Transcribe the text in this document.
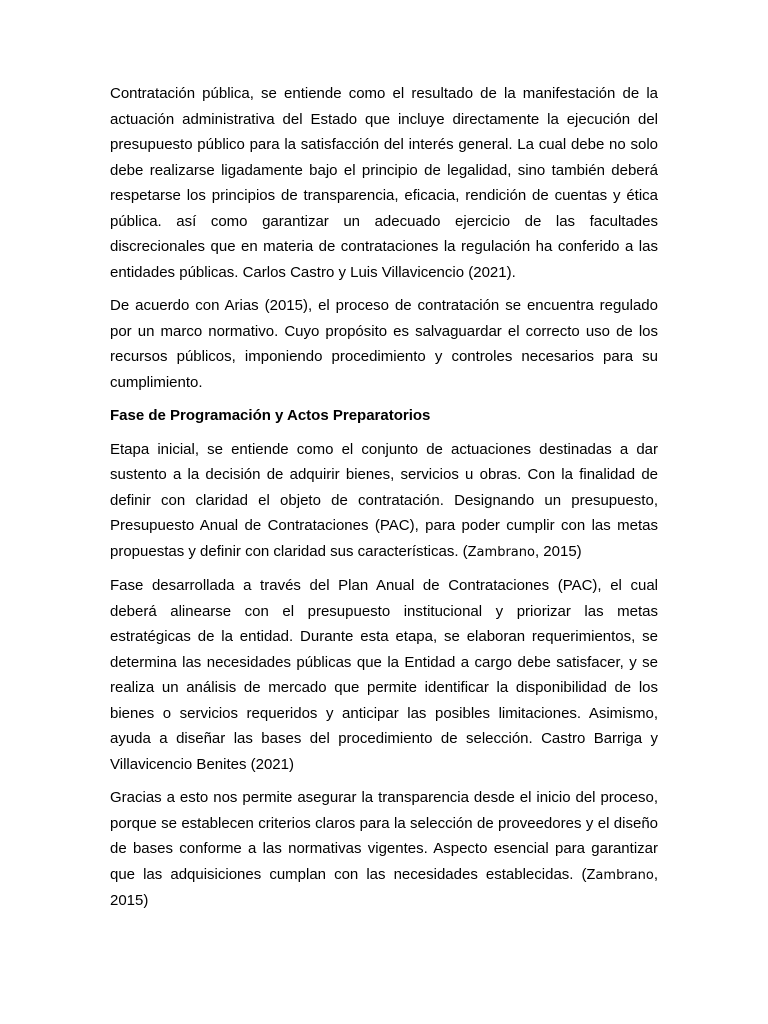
Contratación pública, se entiende como el resultado de la manifestación de la actuación administrativa del Estado que incluye directamente la ejecución del presupuesto público para la satisfacción del interés general. La cual debe no solo debe realizarse ligadamente bajo el principio de legalidad, sino también deberá respetarse los principios de transparencia, eficacia, rendición de cuentas y ética pública. así como garantizar un adecuado ejercicio de las facultades discrecionales que en materia de contrataciones la regulación ha conferido a las entidades públicas. Carlos Castro y Luis Villavicencio (2021).

De acuerdo con Arias (2015), el proceso de contratación se encuentra regulado por un marco normativo. Cuyo propósito es salvaguardar el correcto uso de los recursos públicos, imponiendo procedimiento y controles necesarios para su cumplimiento.

Fase de Programación y Actos Preparatorios

Etapa inicial, se entiende como el conjunto de actuaciones destinadas a dar sustento a la decisión de adquirir bienes, servicios u obras. Con la finalidad de definir con claridad el objeto de contratación. Designando un presupuesto, Presupuesto Anual de Contrataciones (PAC), para poder cumplir con las metas propuestas y definir con claridad sus características. (Zambrano, 2015)

Fase desarrollada a través del Plan Anual de Contrataciones (PAC), el cual deberá alinearse con el presupuesto institucional y priorizar las metas estratégicas de la entidad. Durante esta etapa, se elaboran requerimientos, se determina las necesidades públicas que la Entidad a cargo debe satisfacer, y se realiza un análisis de mercado que permite identificar la disponibilidad de los bienes o servicios requeridos y anticipar las posibles limitaciones. Asimismo, ayuda a diseñar las bases del procedimiento de selección. Castro Barriga y Villavicencio Benites (2021)

Gracias a esto nos permite asegurar la transparencia desde el inicio del proceso, porque se establecen criterios claros para la selección de proveedores y el diseño de bases conforme a las normativas vigentes. Aspecto esencial para garantizar que las adquisiciones cumplan con las necesidades establecidas. (Zambrano, 2015)
